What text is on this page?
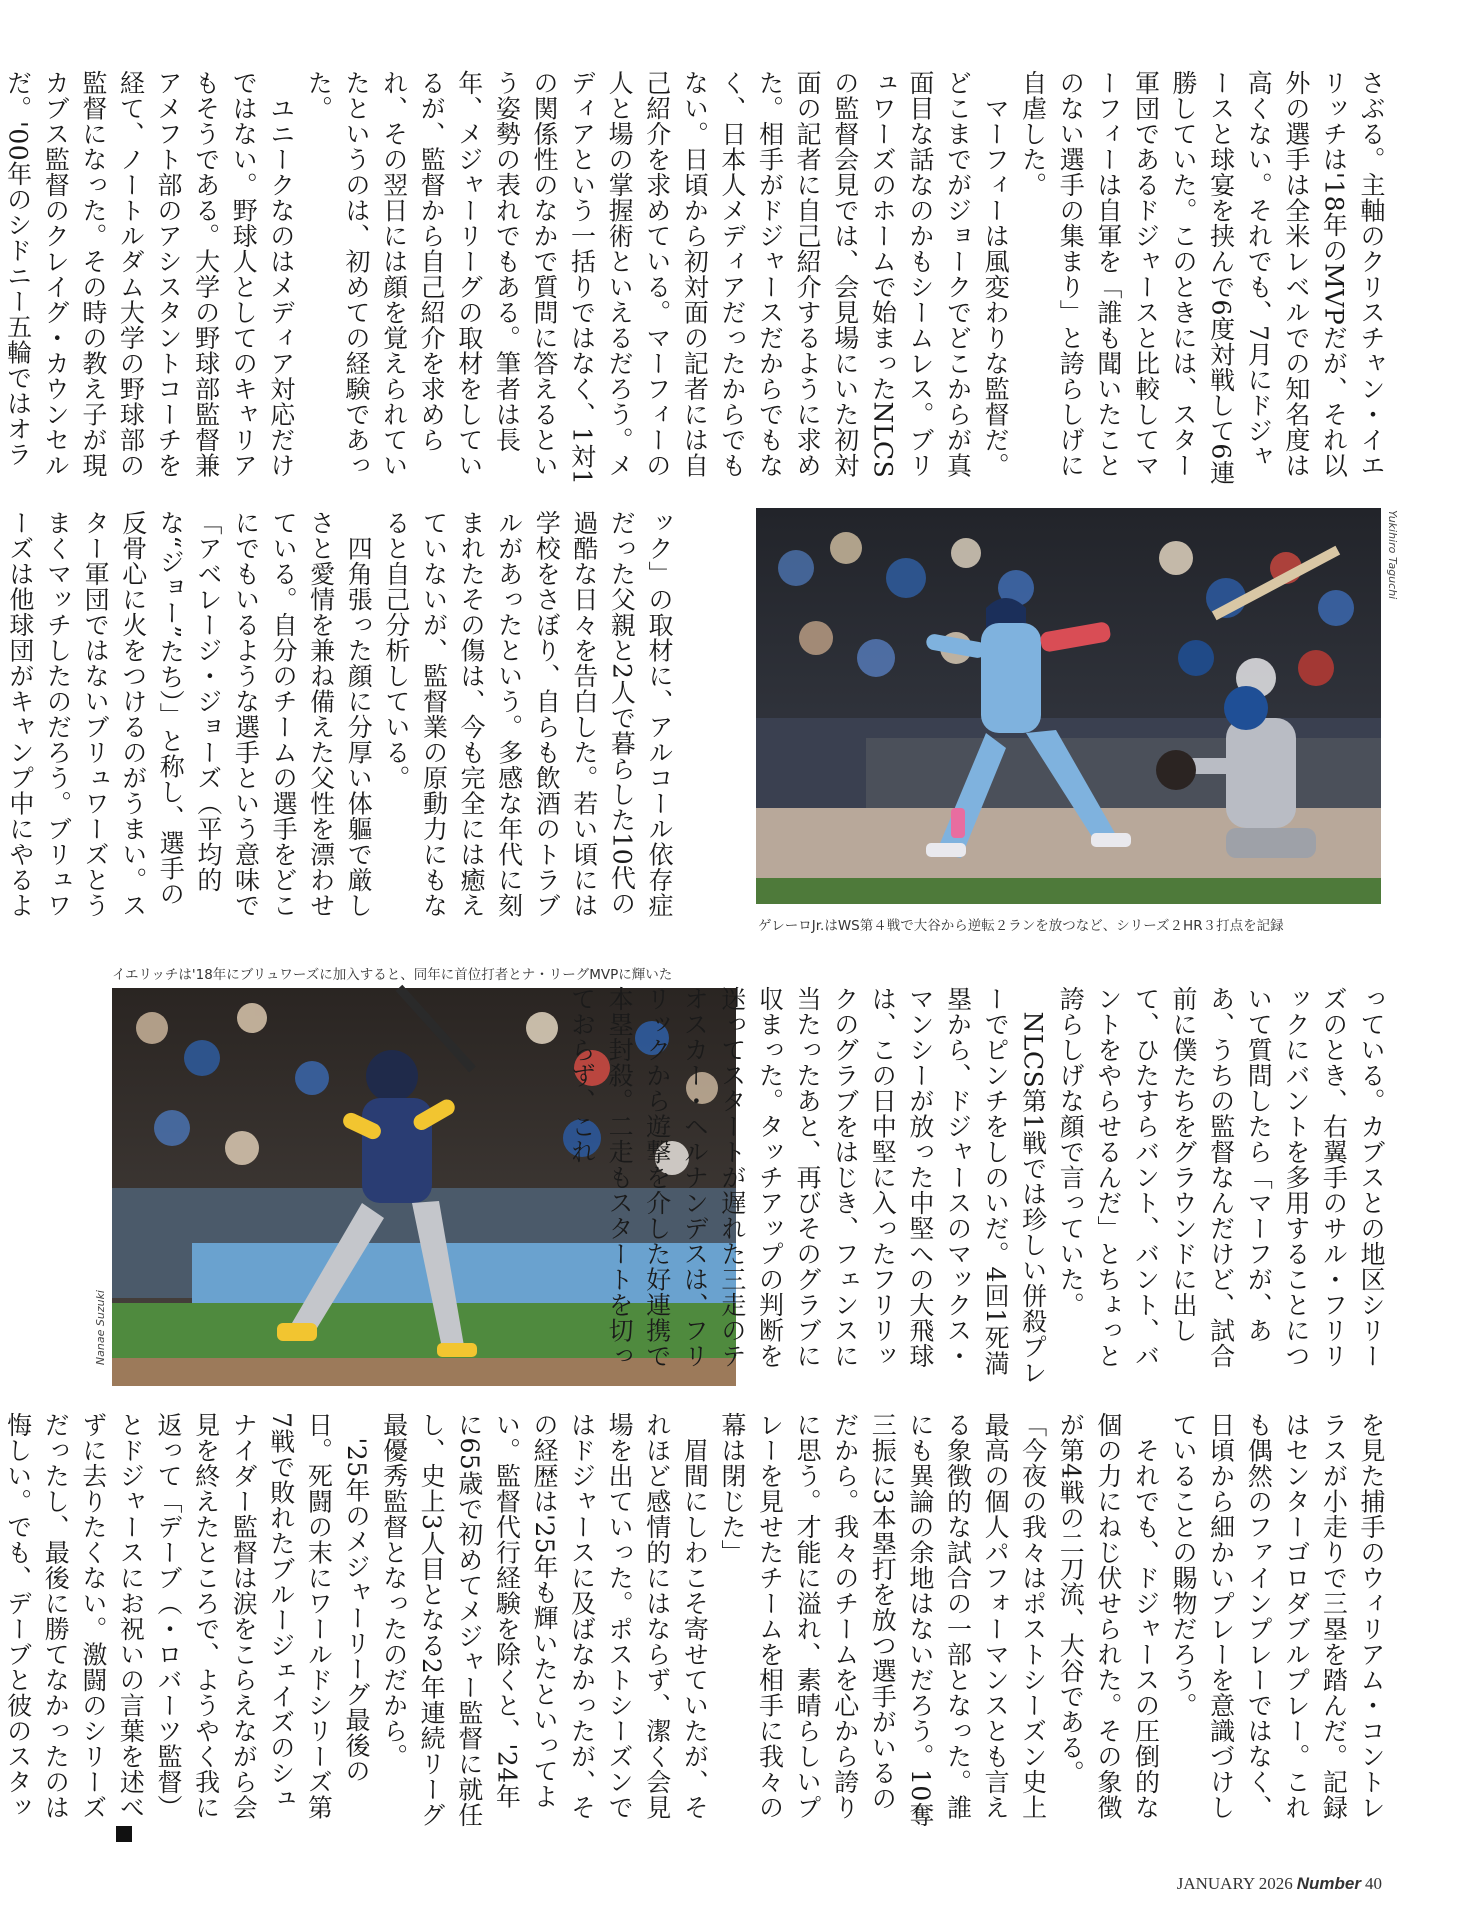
さぶる。主軸のクリスチャン・イエリッチは'18年のMVPだが、それ以外の選手は全米レベルでの知名度は高くない。それでも、7月にドジャースと球宴を挟んで6度対戦して6連勝していた。このときには、スター軍団であるドジャースと比較してマーフィーは自軍を「誰も聞いたことのない選手の集まり」と誇らしげに自虐した。
　マーフィーは風変わりな監督だ。どこまでがジョークでどこからが真面目な話なのかもシームレス。ブリュワーズのホームで始まったNLCSの監督会見では、会見場にいた初対面の記者に自己紹介するように求めた。相手がドジャースだからでもなく、日本人メディアだったからでもない。日頃から初対面の記者には自己紹介を求めている。マーフィーの人と場の掌握術といえるだろう。メディアという一括りではなく、1対1の関係性のなかで質問に答えるという姿勢の表れでもある。筆者は長年、メジャーリーグの取材をしているが、監督から自己紹介を求められ、その翌日には顔を覚えられていたというのは、初めての経験であった。
　ユニークなのはメディア対応だけではない。野球人としてのキャリアもそうである。大学の野球部監督兼アメフト部のアシスタントコーチを経て、ノートルダム大学の野球部の監督になった。その時の教え子が現カブス監督のクレイグ・カウンセルだ。'00年のシドニー五輪ではオラ

ック」の取材に、アルコール依存症だった父親と2人で暮らした10代の過酷な日々を告白した。若い頃には学校をさぼり、自らも飲酒のトラブルがあったという。多感な年代に刻まれたその傷は、今も完全には癒えていないが、監督業の原動力にもなると自己分析している。
　四角張った顔に分厚い体軀で厳しさと愛情を兼ね備えた父性を漂わせている。自分のチームの選手をどこにでもいるような選手という意味で「アベレージ・ジョーズ（平均的な“ジョー”たち）」と称し、選手の反骨心に火をつけるのがうまい。スター軍団ではないブリュワーズとうまくマッチしたのだろう。ブリュワーズは他球団がキャンプ中にやるよ

Yukihiro Taguchi
ゲレーロJr.はWS第４戦で大谷から逆転２ランを放つなど、シリーズ２HR３打点を記録
イエリッチは'18年にブリュワーズに加入すると、同年に首位打者とナ・リーグMVPに輝いた
Nanae Suzuki	っている。カブスとの地区シリーズのとき、右翼手のサル・フリリックにバントを多用することについて質問したら「マーフが、ああ、うちの監督なんだけど、試合前に僕たちをグラウンドに出して、ひたすらバント、バント、バントをやらせるんだ」とちょっと誇らしげな顔で言っていた。
　NLCS第1戦では珍しい併殺プレーでピンチをしのいだ。4回1死満塁から、ドジャースのマックス・マンシーが放った中堅への大飛球は、この日中堅に入ったフリリックのグラブをはじき、フェンスに当たったあと、再びそのグラブに収まった。タッチアップの判断を迷ってスタートが遅れた三走のテオスカー・ヘルナンデスは、フリリックから遊撃を介した好連携で本塁封殺。二走もスタートを切っておらず、これ

を見た捕手のウィリアム・コントレラスが小走りで三塁を踏んだ。記録はセンターゴロダブルプレー。これも偶然のファインプレーではなく、日頃から細かいプレーを意識づけしていることの賜物だろう。
　それでも、ドジャースの圧倒的な個の力にねじ伏せられた。その象徴が第4戦の二刀流、大谷である。
「今夜の我々はポストシーズン史上最高の個人パフォーマンスとも言える象徴的な試合の一部となった。誰にも異論の余地はないだろう。10奪三振に3本塁打を放つ選手がいるのだから。我々のチームを心から誇りに思う。才能に溢れ、素晴らしいプレーを見せたチームを相手に我々の幕は閉じた」
　眉間にしわこそ寄せていたが、それほど感情的にはならず、潔く会見場を出ていった。ポストシーズンではドジャースに及ばなかったが、その経歴は'25年も輝いたといってよい。監督代行経験を除くと、'24年に65歳で初めてメジャー監督に就任し、史上3人目となる2年連続リーグ最優秀監督となったのだから。
　'25年のメジャーリーグ最後の日。死闘の末にワールドシリーズ第7戦で敗れたブルージェイズのシュナイダー監督は涙をこらえながら会見を終えたところで、ようやく我に返って「デーブ（・ロバーツ監督）とドジャースにお祝いの言葉を述べずに去りたくない。激闘のシリーズだったし、最後に勝てなかったのは悔しい。でも、デーブと彼のスタッ

JANUARY 2026 Number 40
